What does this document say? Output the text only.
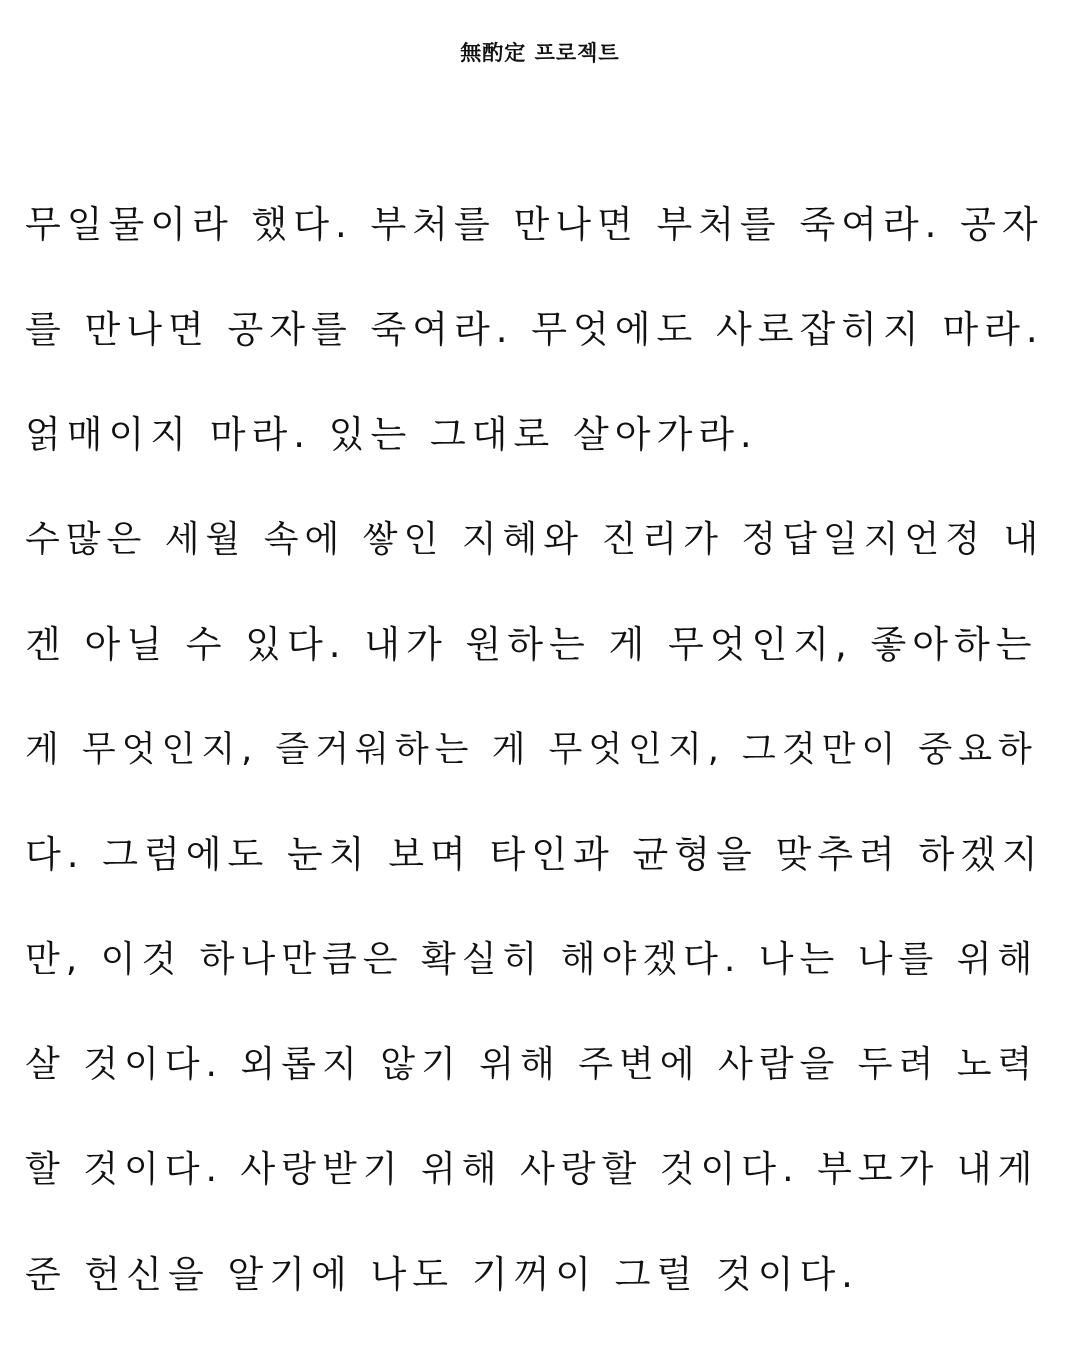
無酌定 프로젝트
무일물이라 했다. 부처를 만나면 부처를 죽여라. 공자
를 만나면 공자를 죽여라. 무엇에도 사로잡히지 마라.
얽매이지 마라. 있는 그대로 살아가라.
수많은 세월 속에 쌓인 지혜와 진리가 정답일지언정 내
겐 아닐 수 있다. 내가 원하는 게 무엇인지, 좋아하는
게 무엇인지, 즐거워하는 게 무엇인지, 그것만이 중요하
다. 그럼에도 눈치 보며 타인과 균형을 맞추려 하겠지
만, 이것 하나만큼은 확실히 해야겠다. 나는 나를 위해
살 것이다. 외롭지 않기 위해 주변에 사람을 두려 노력
할 것이다. 사랑받기 위해 사랑할 것이다. 부모가 내게
준 헌신을 알기에 나도 기꺼이 그럴 것이다.
